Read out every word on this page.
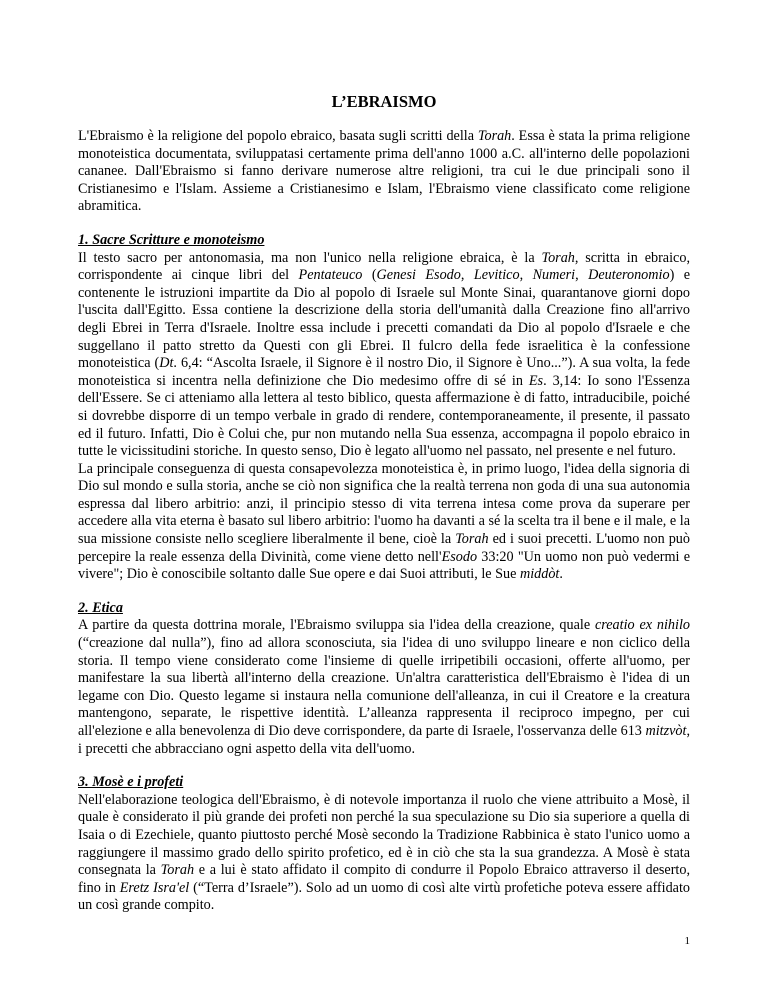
L’EBRAISMO

L'Ebraismo è la religione del popolo ebraico, basata sugli scritti della Torah. Essa è stata la prima religione monoteistica documentata, sviluppatasi certamente prima dell'anno 1000 a.C. all'interno delle popolazioni cananee. Dall'Ebraismo si fanno derivare numerose altre religioni, tra cui le due principali sono il Cristianesimo e l'Islam. Assieme a Cristianesimo e Islam, l'Ebraismo viene classificato come religione abramitica.

1. Sacre Scritture e monoteismo

Il testo sacro per antonomasia, ma non l'unico nella religione ebraica, è la Torah, scritta in ebraico, corrispondente ai cinque libri del Pentateuco (Genesi Esodo, Levitico, Numeri, Deuteronomio) e contenente le istruzioni impartite da Dio al popolo di Israele sul Monte Sinai, quarantanove giorni dopo l'uscita dall'Egitto. Essa contiene la descrizione della storia dell'umanità dalla Creazione fino all'arrivo degli Ebrei in Terra d'Israele. Inoltre essa include i precetti comandati da Dio al popolo d'Israele e che suggellano il patto stretto da Questi con gli Ebrei. Il fulcro della fede israelitica è la confessione monoteistica (Dt. 6,4: “Ascolta Israele, il Signore è il nostro Dio, il Signore è Uno...”). A sua volta, la fede monoteistica si incentra nella definizione che Dio medesimo offre di sé in Es. 3,14: Io sono l'Essenza dell'Essere. Se ci atteniamo alla lettera al testo biblico, questa affermazione è di fatto, intraducibile, poiché si dovrebbe disporre di un tempo verbale in grado di rendere, contemporaneamente, il presente, il passato ed il futuro. Infatti, Dio è Colui che, pur non mutando nella Sua essenza, accompagna il popolo ebraico in tutte le vicissitudini storiche. In questo senso, Dio è legato all'uomo nel passato, nel presente e nel futuro.

La principale conseguenza di questa consapevolezza monoteistica è, in primo luogo, l'idea della signoria di Dio sul mondo e sulla storia, anche se ciò non significa che la realtà terrena non goda di una sua autonomia espressa dal libero arbitrio: anzi, il principio stesso di vita terrena intesa come prova da superare per accedere alla vita eterna è basato sul libero arbitrio: l'uomo ha davanti a sé la scelta tra il bene e il male, e la sua missione consiste nello scegliere liberalmente il bene, cioè la Torah ed i suoi precetti. L'uomo non può percepire la reale essenza della Divinità, come viene detto nell'Esodo 33:20 "Un uomo non può vedermi e vivere"; Dio è conoscibile soltanto dalle Sue opere e dai Suoi attributi, le Sue middòt.

2. Etica

A partire da questa dottrina morale, l'Ebraismo sviluppa sia l'idea della creazione, quale creatio ex nihilo (“creazione dal nulla”), fino ad allora sconosciuta, sia l'idea di uno sviluppo lineare e non ciclico della storia. Il tempo viene considerato come l'insieme di quelle irripetibili occasioni, offerte all'uomo, per manifestare la sua libertà all'interno della creazione. Un'altra caratteristica dell'Ebraismo è l'idea di un legame con Dio. Questo legame si instaura nella comunione dell'alleanza, in cui il Creatore e la creatura mantengono, separate, le rispettive identità. L’alleanza rappresenta il reciproco impegno, per cui all'elezione e alla benevolenza di Dio deve corrispondere, da parte di Israele, l'osservanza delle 613 mitzvòt, i precetti che abbracciano ogni aspetto della vita dell'uomo.

3. Mosè e i profeti

Nell'elaborazione teologica dell'Ebraismo, è di notevole importanza il ruolo che viene attribuito a Mosè, il quale è considerato il più grande dei profeti non perché la sua speculazione su Dio sia superiore a quella di Isaia o di Ezechiele, quanto piuttosto perché Mosè secondo la Tradizione Rabbinica è stato l'unico uomo a raggiungere il massimo grado dello spirito profetico, ed è in ciò che sta la sua grandezza. A Mosè è stata consegnata la Torah e a lui è stato affidato il compito di condurre il Popolo Ebraico attraverso il deserto, fino in Eretz Isra'el (“Terra d’Israele”). Solo ad un uomo di così alte virtù profetiche poteva essere affidato un così grande compito.

1
